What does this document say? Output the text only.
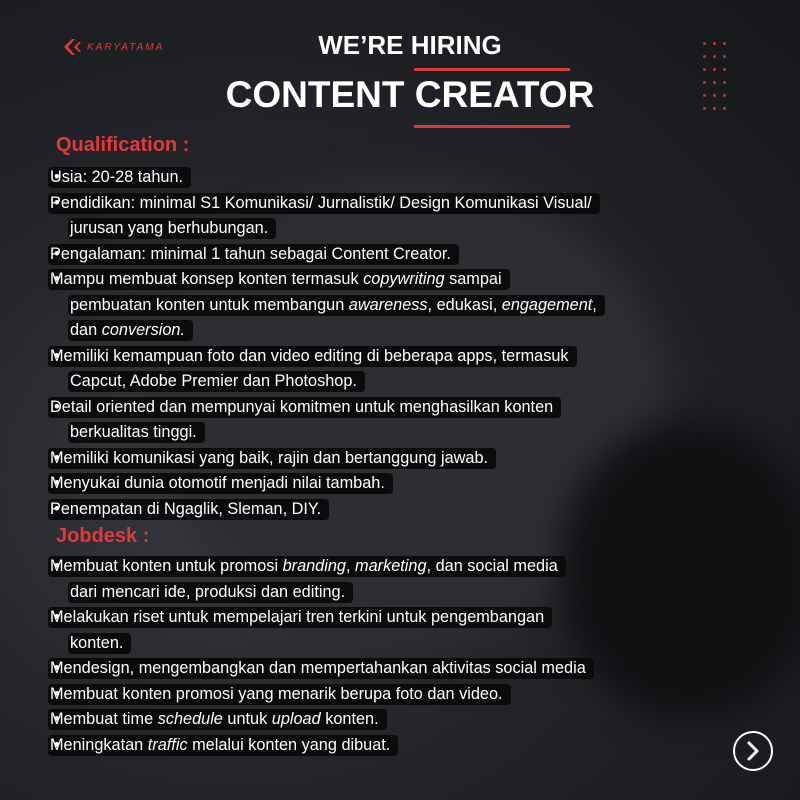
KARYATAMA	WE’RE HIRING
CONTENT CREATOR
Qualification :
• Usia: 20-28 tahun.
• Pendidikan: minimal S1 Komunikasi/ Jurnalistik/ Design Komunikasi Visual/
jurusan yang berhubungan.
• Pengalaman: minimal 1 tahun sebagai Content Creator.
• Mampu membuat konsep konten termasuk copywriting sampai
pembuatan konten untuk membangun awareness, edukasi, engagement,
dan conversion.
• Memiliki kemampuan foto dan video editing di beberapa apps, termasuk
Capcut, Adobe Premier dan Photoshop.
• Detail oriented dan mempunyai komitmen untuk menghasilkan konten
berkualitas tinggi.
• Memiliki komunikasi yang baik, rajin dan bertanggung jawab.
• Menyukai dunia otomotif menjadi nilai tambah.
• Penempatan di Ngaglik, Sleman, DIY.
Jobdesk :
• Membuat konten untuk promosi branding, marketing, dan social media
dari mencari ide, produksi dan editing.
• Melakukan riset untuk mempelajari tren terkini untuk pengembangan
konten.
• Mendesign, mengembangkan dan mempertahankan aktivitas social media
• Membuat konten promosi yang menarik berupa foto dan video.
• Membuat time schedule untuk upload konten.
• Meningkatan traffic melalui konten yang dibuat.
